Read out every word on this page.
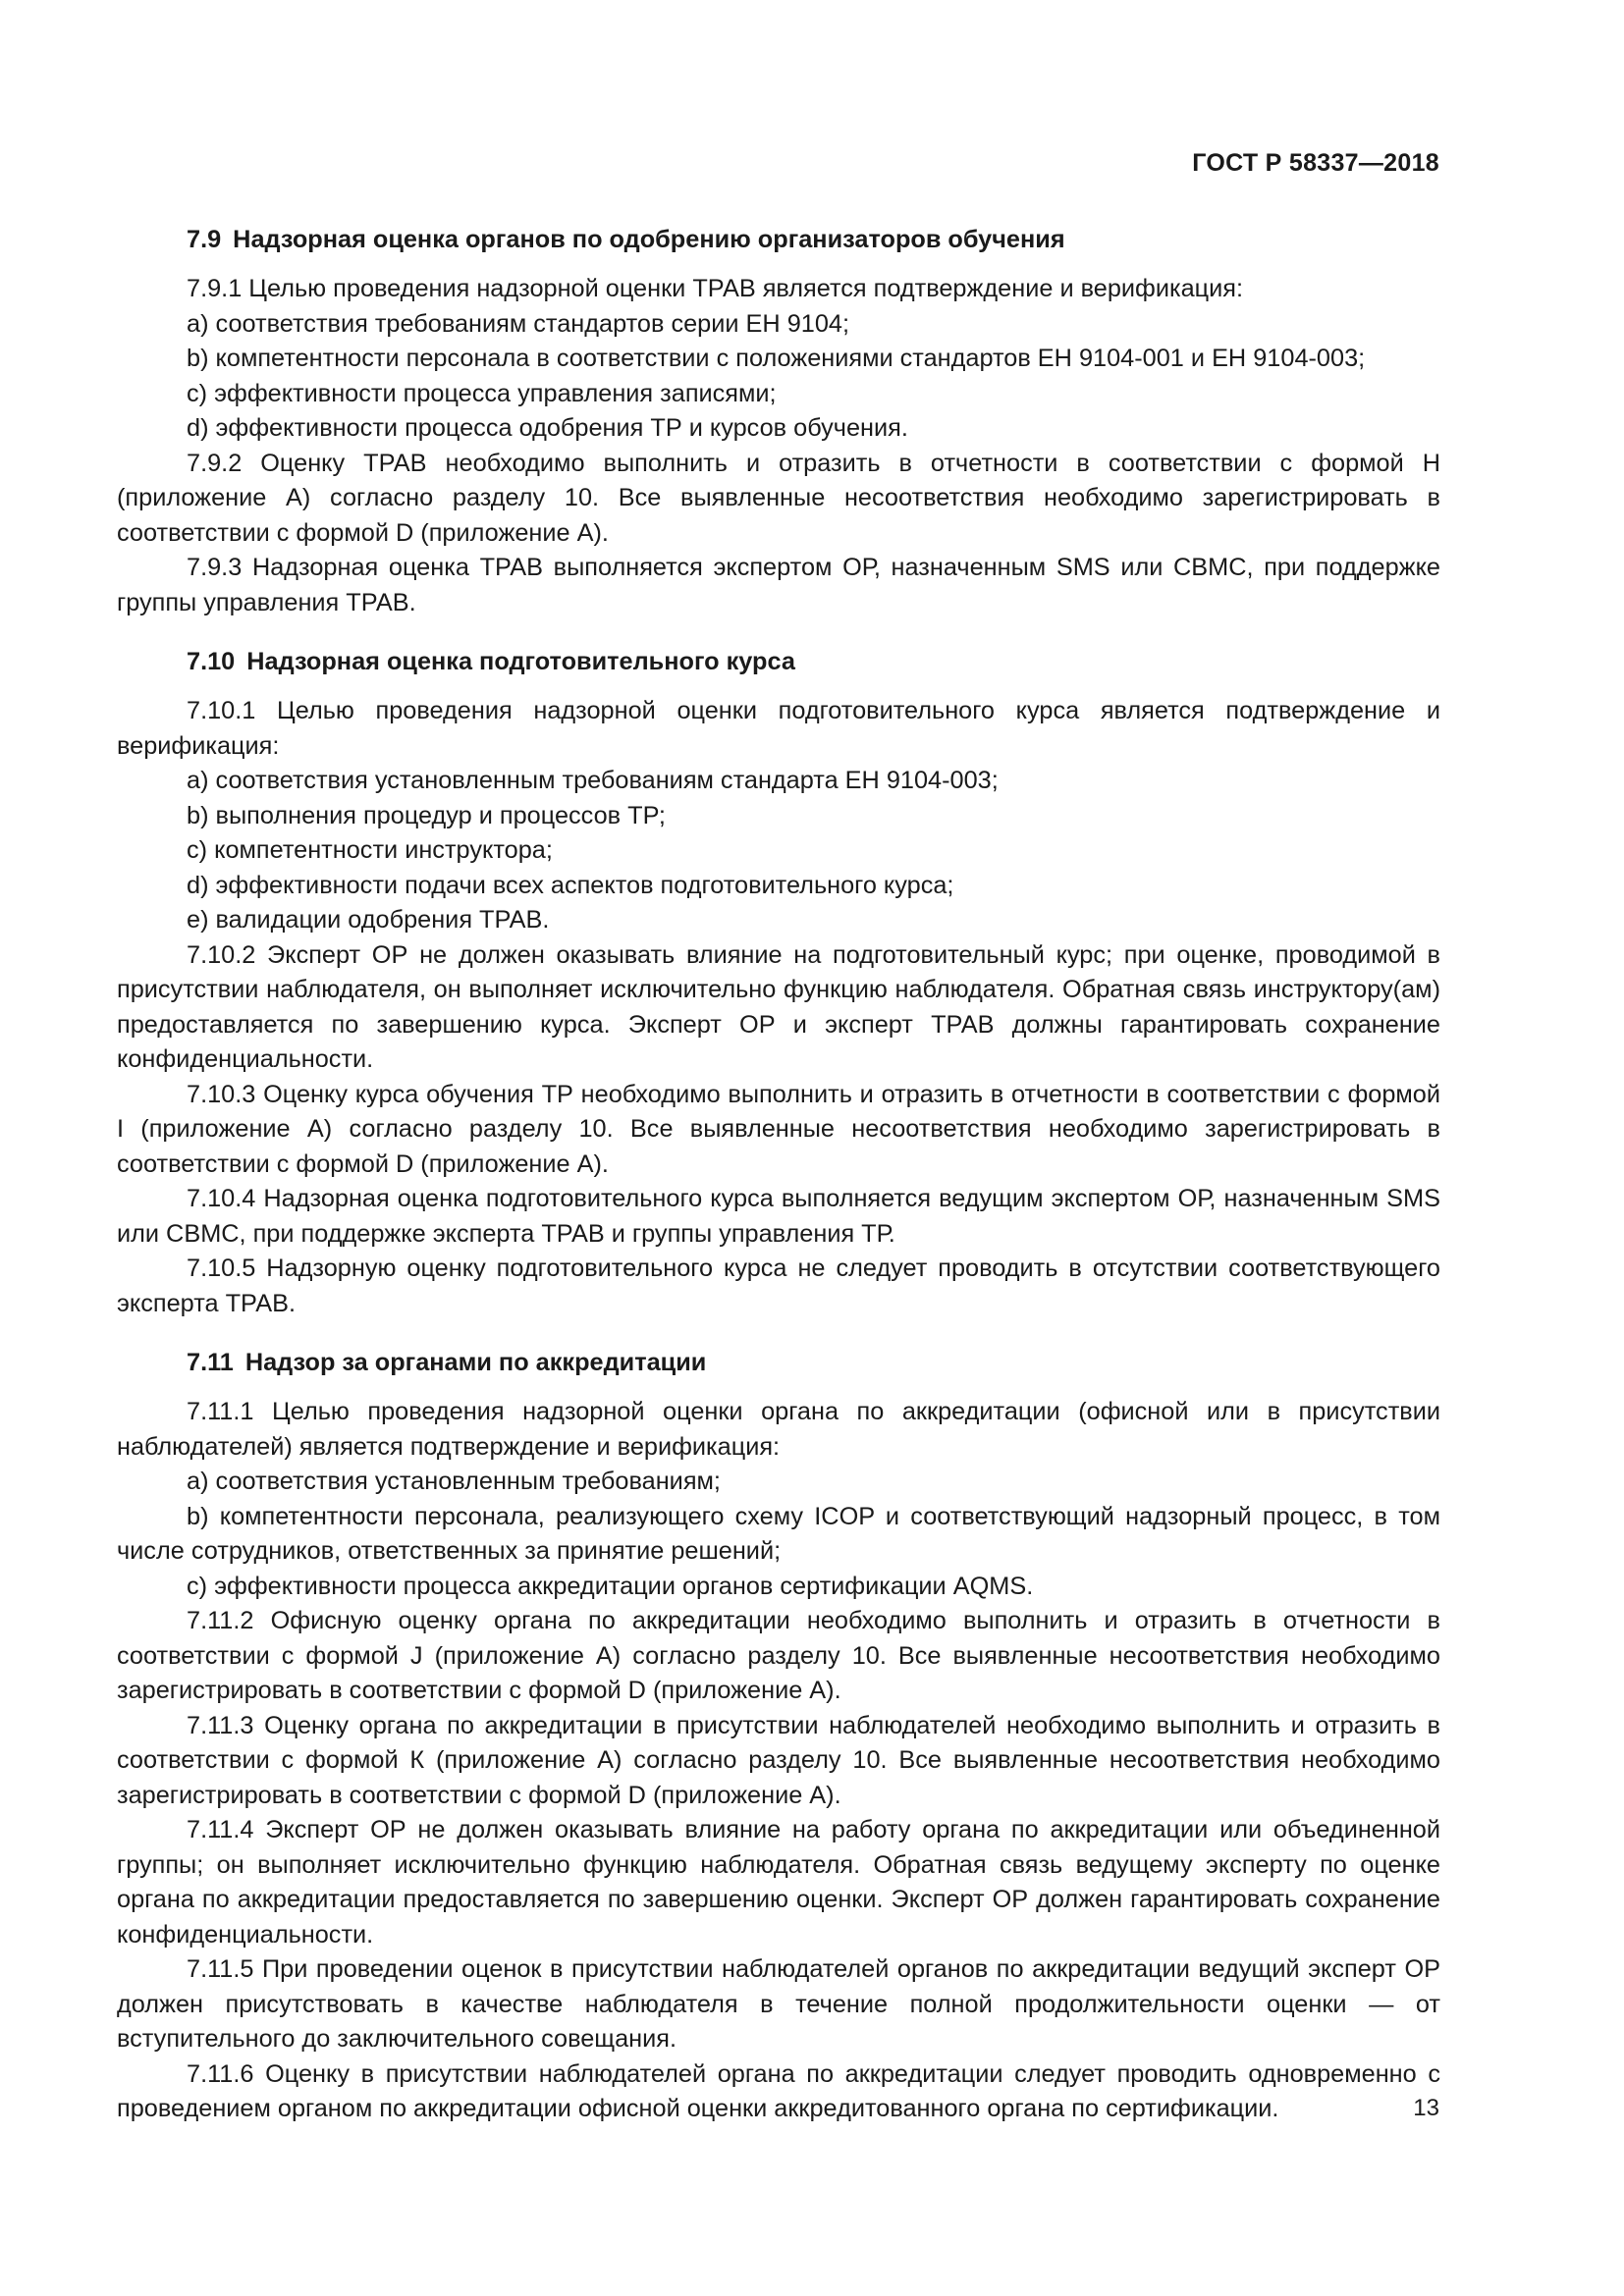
ГОСТ Р 58337—2018
7.9 Надзорная оценка органов по одобрению организаторов обучения

7.9.1 Целью проведения надзорной оценки ТРАВ является подтверждение и верификация:

a) соответствия требованиям стандартов серии ЕН 9104;

b) компетентности персонала в соответствии с положениями стандартов ЕН 9104-001 и ЕН 9104-003;

c) эффективности процесса управления записями;

d) эффективности процесса одобрения ТР и курсов обучения.

7.9.2 Оценку ТРАВ необходимо выполнить и отразить в отчетности в соответствии с формой Н (приложение А) согласно разделу 10. Все выявленные несоответствия необходимо зарегистрировать в соответствии с формой D (приложение А).

7.9.3 Надзорная оценка ТРАВ выполняется экспертом ОР, назначенным SMS или СВМС, при поддержке группы управления ТРАВ.

7.10 Надзорная оценка подготовительного курса

7.10.1 Целью проведения надзорной оценки подготовительного курса является подтверждение и верификация:

a) соответствия установленным требованиям стандарта ЕН 9104-003;

b) выполнения процедур и процессов ТР;

c) компетентности инструктора;

d) эффективности подачи всех аспектов подготовительного курса;

e) валидации одобрения ТРАВ.

7.10.2 Эксперт ОР не должен оказывать влияние на подготовительный курс; при оценке, проводимой в присутствии наблюдателя, он выполняет исключительно функцию наблюдателя. Обратная связь инструктору(ам) предоставляется по завершению курса. Эксперт ОР и эксперт ТРАВ должны гарантировать сохранение конфиденциальности.

7.10.3 Оценку курса обучения ТР необходимо выполнить и отразить в отчетности в соответствии с формой I (приложение А) согласно разделу 10. Все выявленные несоответствия необходимо зарегистрировать в соответствии с формой D (приложение А).

7.10.4 Надзорная оценка подготовительного курса выполняется ведущим экспертом ОР, назначенным SMS или СВМС, при поддержке эксперта ТРАВ и группы управления ТР.

7.10.5 Надзорную оценку подготовительного курса не следует проводить в отсутствии соответствующего эксперта ТРАВ.

7.11 Надзор за органами по аккредитации

7.11.1 Целью проведения надзорной оценки органа по аккредитации (офисной или в присутствии наблюдателей) является подтверждение и верификация:

a) соответствия установленным требованиям;

b) компетентности персонала, реализующего схему ICOP и соответствующий надзорный процесс, в том числе сотрудников, ответственных за принятие решений;

c) эффективности процесса аккредитации органов сертификации AQMS.

7.11.2 Офисную оценку органа по аккредитации необходимо выполнить и отразить в отчетности в соответствии с формой J (приложение А) согласно разделу 10. Все выявленные несоответствия необходимо зарегистрировать в соответствии с формой D (приложение А).

7.11.3 Оценку органа по аккредитации в присутствии наблюдателей необходимо выполнить и отразить в соответствии с формой К (приложение А) согласно разделу 10. Все выявленные несоответствия необходимо зарегистрировать в соответствии с формой D (приложение А).

7.11.4 Эксперт ОР не должен оказывать влияние на работу органа по аккредитации или объединенной группы; он выполняет исключительно функцию наблюдателя. Обратная связь ведущему эксперту по оценке органа по аккредитации предоставляется по завершению оценки. Эксперт ОР должен гарантировать сохранение конфиденциальности.

7.11.5 При проведении оценок в присутствии наблюдателей органов по аккредитации ведущий эксперт ОР должен присутствовать в качестве наблюдателя в течение полной продолжительности оценки — от вступительного до заключительного совещания.

7.11.6 Оценку в присутствии наблюдателей органа по аккредитации следует проводить одновременно с проведением органом по аккредитации офисной оценки аккредитованного органа по сертификации.	13
